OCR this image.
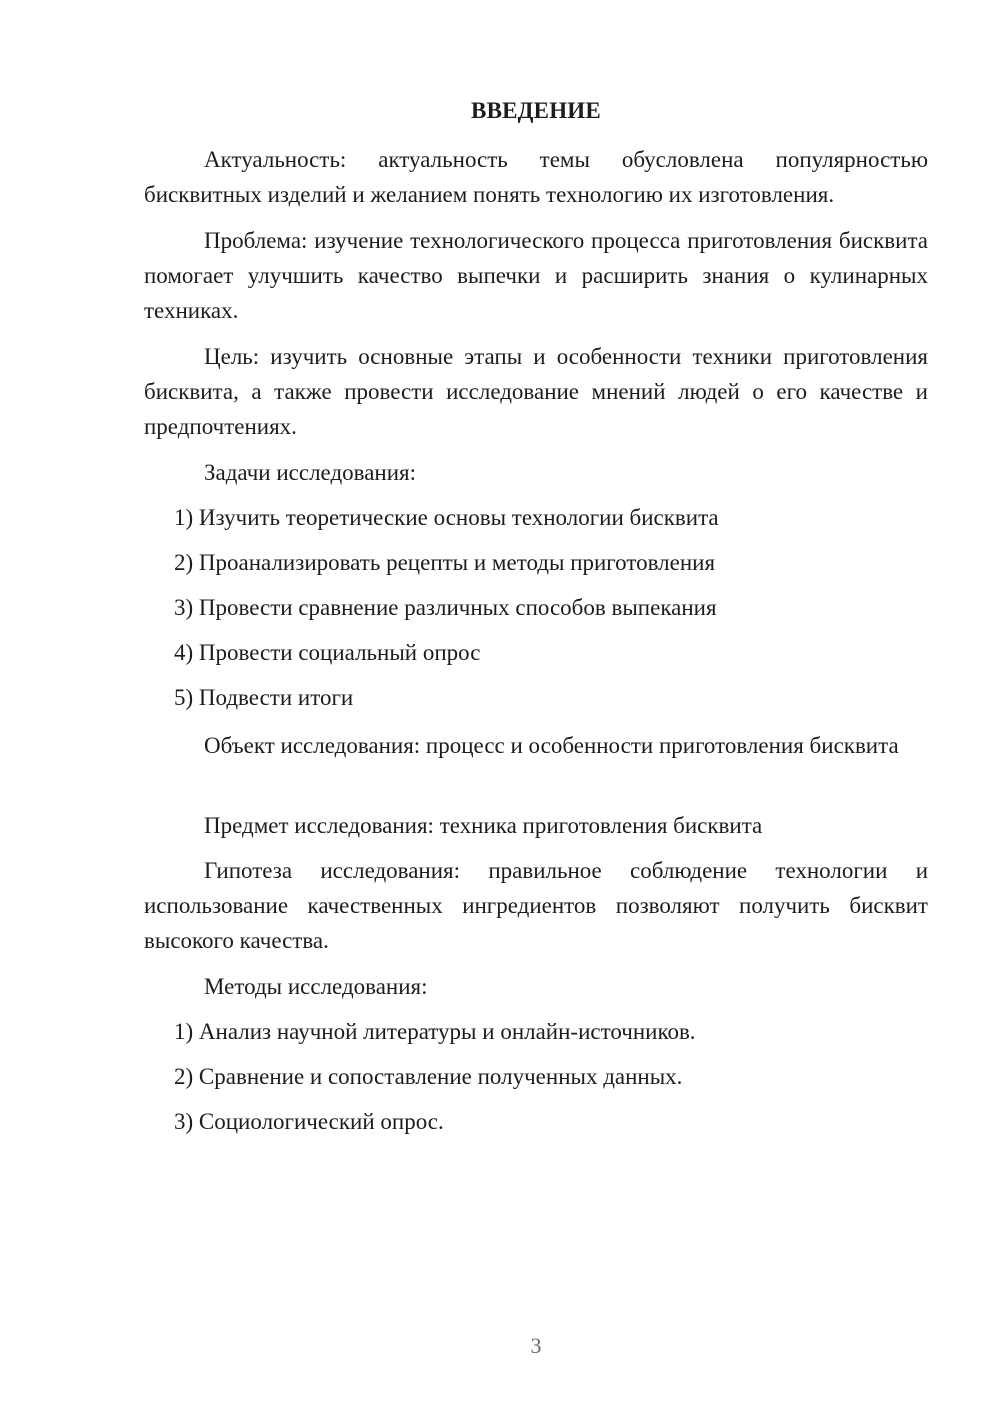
ВВЕДЕНИЕ

Актуальность: актуальность темы обусловлена популярностью бисквитных изделий и желанием понять технологию их изготовления.

Проблема: изучение технологического процесса приготовления бисквита помогает улучшить качество выпечки и расширить знания о кулинарных техниках.

Цель: изучить основные этапы и особенности техники приготовления бисквита, а также провести исследование мнений людей о его качестве и предпочтениях.

Задачи исследования:

1) Изучить теоретические основы технологии бисквита

2) Проанализировать рецепты и методы приготовления

3) Провести сравнение различных способов выпекания

4) Провести социальный опрос

5) Подвести итоги

Объект исследования: процесс и особенности приготовления бисквита

Предмет исследования: техника приготовления бисквита

Гипотеза исследования: правильное соблюдение технологии и использование качественных ингредиентов позволяют получить бисквит высокого качества.

Методы исследования:

1) Анализ научной литературы и онлайн-источников.

2) Сравнение и сопоставление полученных данных.

3) Социологический опрос.

3
